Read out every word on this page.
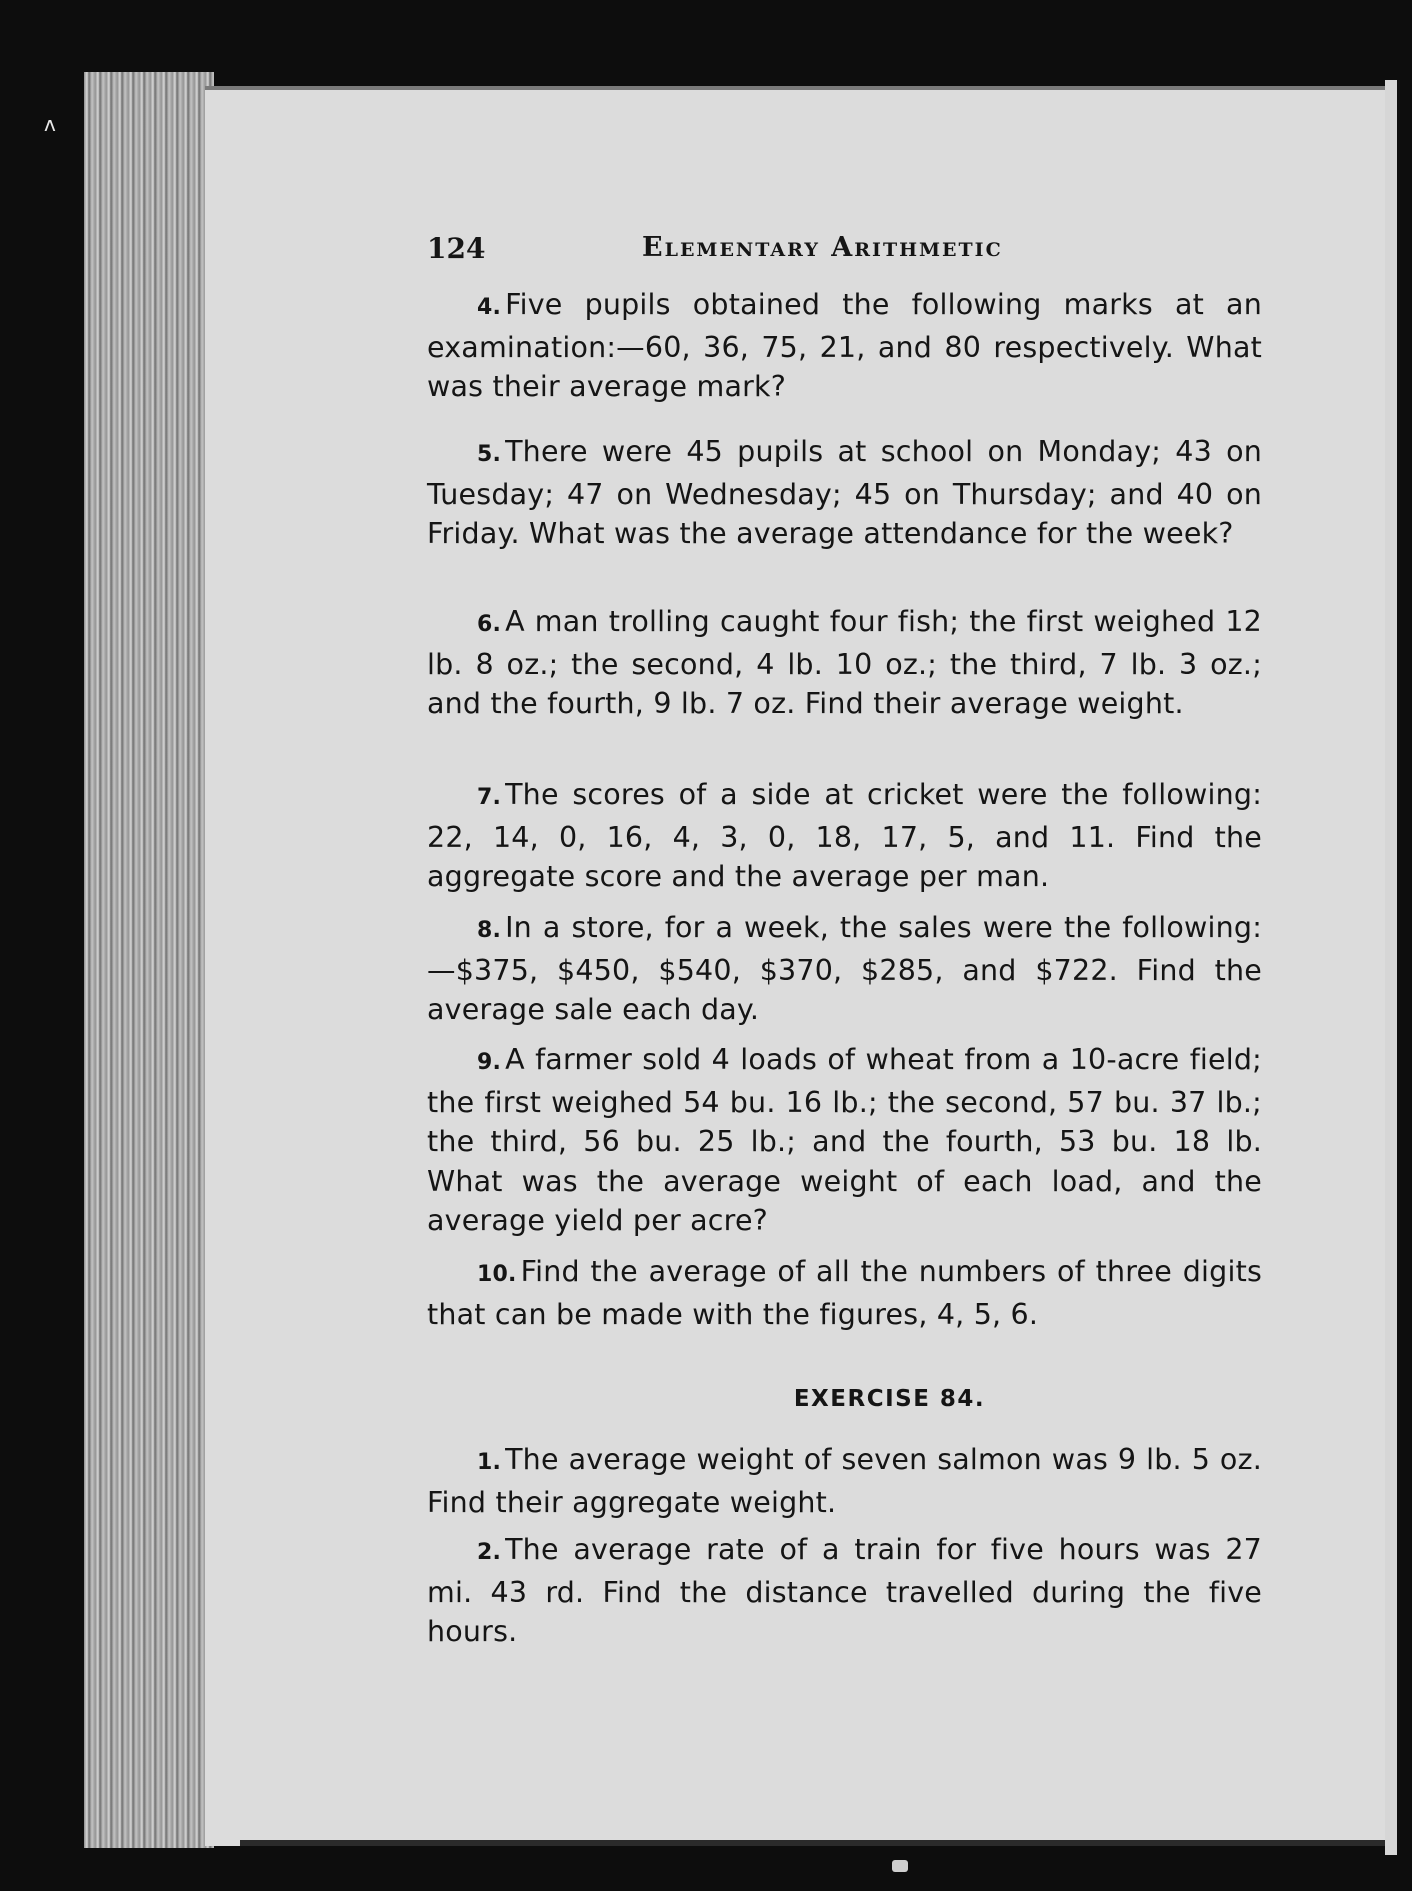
ʌ
124	Elementary Arithmetic

4. Five pupils obtained the following marks at an examination:—60, 36, 75, 21, and 80 respectively. What was their average mark?

5. There were 45 pupils at school on Monday; 43 on Tuesday; 47 on Wednesday; 45 on Thursday; and 40 on Friday. What was the average attendance for the week?

6. A man trolling caught four fish; the first weighed 12 lb. 8 oz.; the second, 4 lb. 10 oz.; the third, 7 lb. 3 oz.; and the fourth, 9 lb. 7 oz. Find their average weight.

7. The scores of a side at cricket were the following: 22, 14, 0, 16, 4, 3, 0, 18, 17, 5, and 11. Find the aggregate score and the average per man.

8. In a store, for a week, the sales were the following:—$375, $450, $540, $370, $285, and $722. Find the average sale each day.

9. A farmer sold 4 loads of wheat from a 10-acre field; the first weighed 54 bu. 16 lb.; the second, 57 bu. 37 lb.; the third, 56 bu. 25 lb.; and the fourth, 53 bu. 18 lb. What was the average weight of each load, and the average yield per acre?

10. Find the average of all the numbers of three digits that can be made with the figures, 4, 5, 6.

EXERCISE 84.

1. The average weight of seven salmon was 9 lb. 5 oz. Find their aggregate weight.

2. The average rate of a train for five hours was 27 mi. 43 rd. Find the distance travelled during the five hours.
